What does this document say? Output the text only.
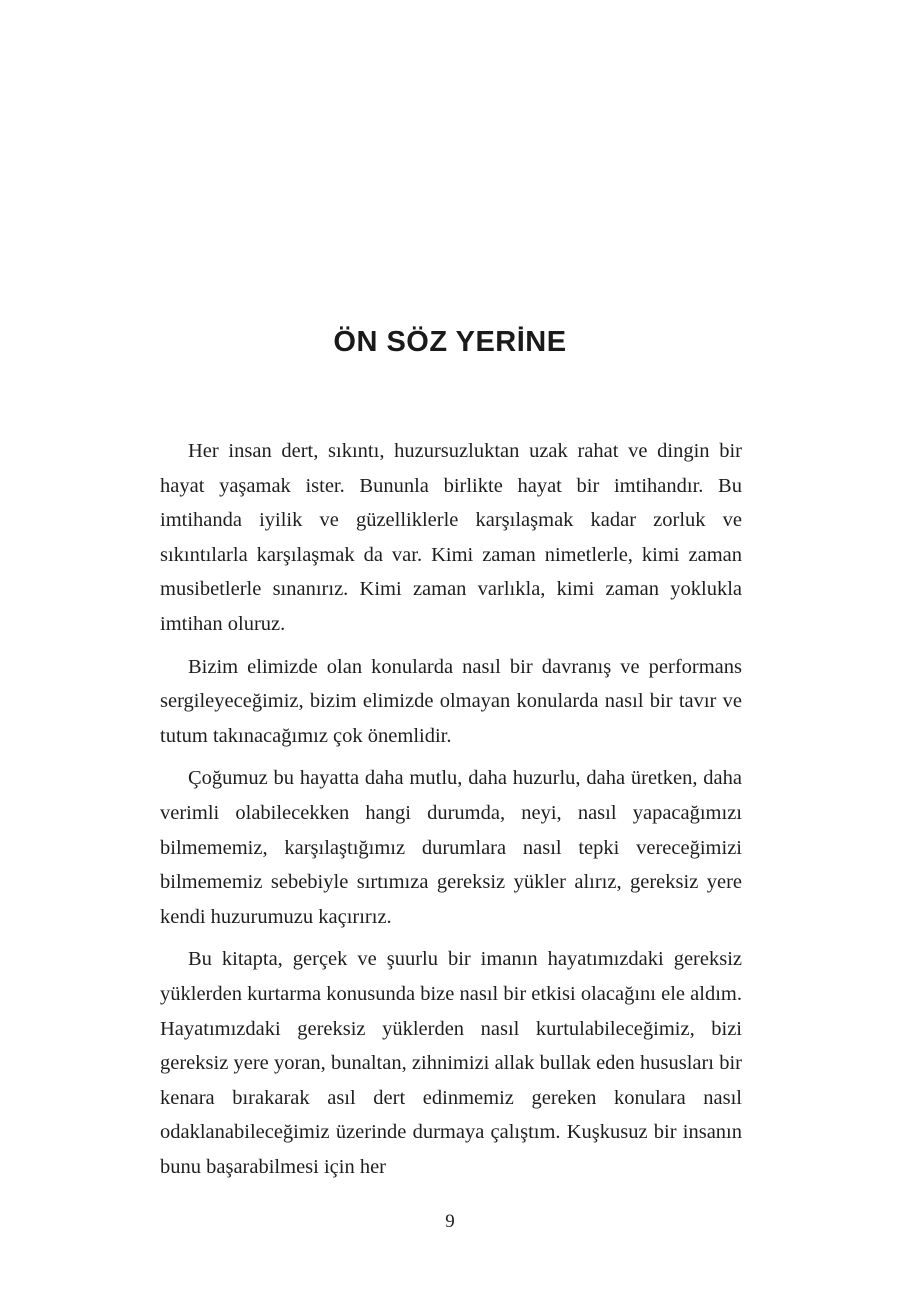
ÖN SÖZ YERİNE

Her insan dert, sıkıntı, huzursuzluktan uzak rahat ve dingin bir hayat yaşamak ister. Bununla birlikte hayat bir imtihandır. Bu imtihanda iyilik ve güzelliklerle karşılaşmak kadar zorluk ve sıkıntılarla karşılaşmak da var. Kimi zaman nimetlerle, kimi zaman musibetlerle sınanırız. Kimi zaman varlıkla, kimi zaman yoklukla imtihan oluruz.

Bizim elimizde olan konularda nasıl bir davranış ve performans sergileyeceğimiz, bizim elimizde olmayan konularda nasıl bir tavır ve tutum takınacağımız çok önemlidir.

Çoğumuz bu hayatta daha mutlu, daha huzurlu, daha üretken, daha verimli olabilecekken hangi durumda, neyi, nasıl yapacağımızı bilmememiz, karşılaştığımız durumlara nasıl tepki vereceğimizi bilmememiz sebebiyle sırtımıza gereksiz yükler alırız, gereksiz yere kendi huzurumuzu kaçırırız.

Bu kitapta, gerçek ve şuurlu bir imanın hayatımızdaki gereksiz yüklerden kurtarma konusunda bize nasıl bir etkisi olacağını ele aldım. Hayatımızdaki gereksiz yüklerden nasıl kurtulabileceğimiz, bizi gereksiz yere yoran, bunaltan, zihnimizi allak bullak eden hususları bir kenara bırakarak asıl dert edinmemiz gereken konulara nasıl odaklanabileceğimiz üzerinde durmaya çalıştım. Kuşkusuz bir insanın bunu başarabilmesi için her

9
